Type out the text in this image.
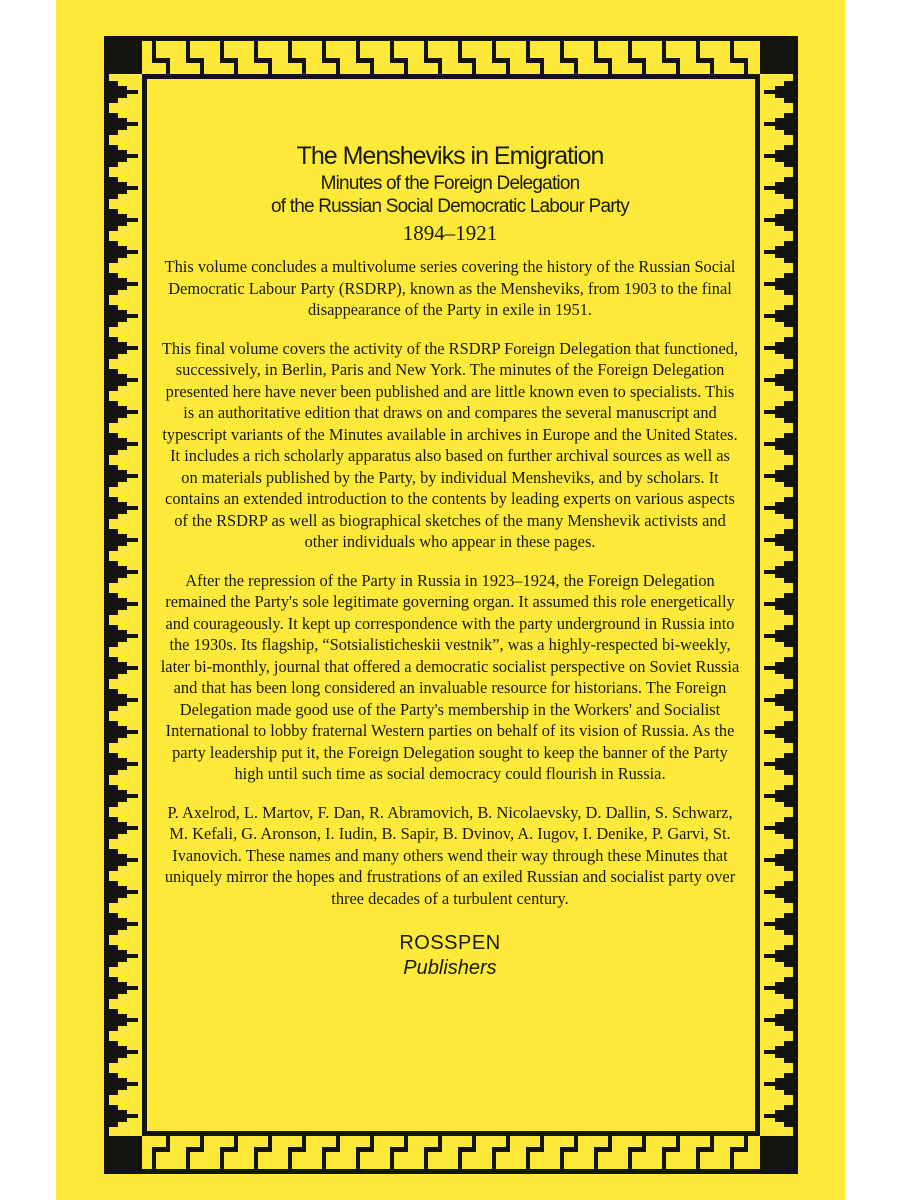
The Mensheviks in Emigration
Minutes of the Foreign Delegation
of the Russian Social Democratic Labour Party
1894–1921

This volume concludes a multivolume series covering the history of the Russian Social Democratic Labour Party (RSDRP), known as the Mensheviks, from 1903 to the final disappearance of the Party in exile in 1951.

This final volume covers the activity of the RSDRP Foreign Delegation that functioned, successively, in Berlin, Paris and New York. The minutes of the Foreign Delegation presented here have never been published and are little known even to specialists. This is an authoritative edition that draws on and compares the several manuscript and typescript variants of the Minutes available in archives in Europe and the United States. It includes a rich scholarly apparatus also based on further archival sources as well as on materials published by the Party, by individual Mensheviks, and by scholars. It contains an extended introduction to the contents by leading experts on various aspects of the RSDRP as well as biographical sketches of the many Menshevik activists and other individuals who appear in these pages.

After the repression of the Party in Russia in 1923–1924, the Foreign Delegation remained the Party's sole legitimate governing organ. It assumed this role energetically and courageously. It kept up correspondence with the party underground in Russia into the 1930s. Its flagship, “Sotsialisticheskii vestnik”, was a highly-respected bi-weekly, later bi-monthly, journal that offered a democratic socialist perspective on Soviet Russia and that has been long considered an invaluable resource for historians. The Foreign Delegation made good use of the Party's membership in the Workers' and Socialist International to lobby fraternal Western parties on behalf of its vision of Russia. As the party leadership put it, the Foreign Delegation sought to keep the banner of the Party high until such time as social democracy could flourish in Russia.

P. Axelrod, L. Martov, F. Dan, R. Abramovich, B. Nicolaevsky, D. Dallin, S. Schwarz, M. Kefali, G. Aronson, I. Iudin, B. Sapir, B. Dvinov, A. Iugov, I. Denike, P. Garvi, St. Ivanovich. These names and many others wend their way through these Minutes that uniquely mirror the hopes and frustrations of an exiled Russian and socialist party over three decades of a turbulent century.

ROSSPEN
Publishers
